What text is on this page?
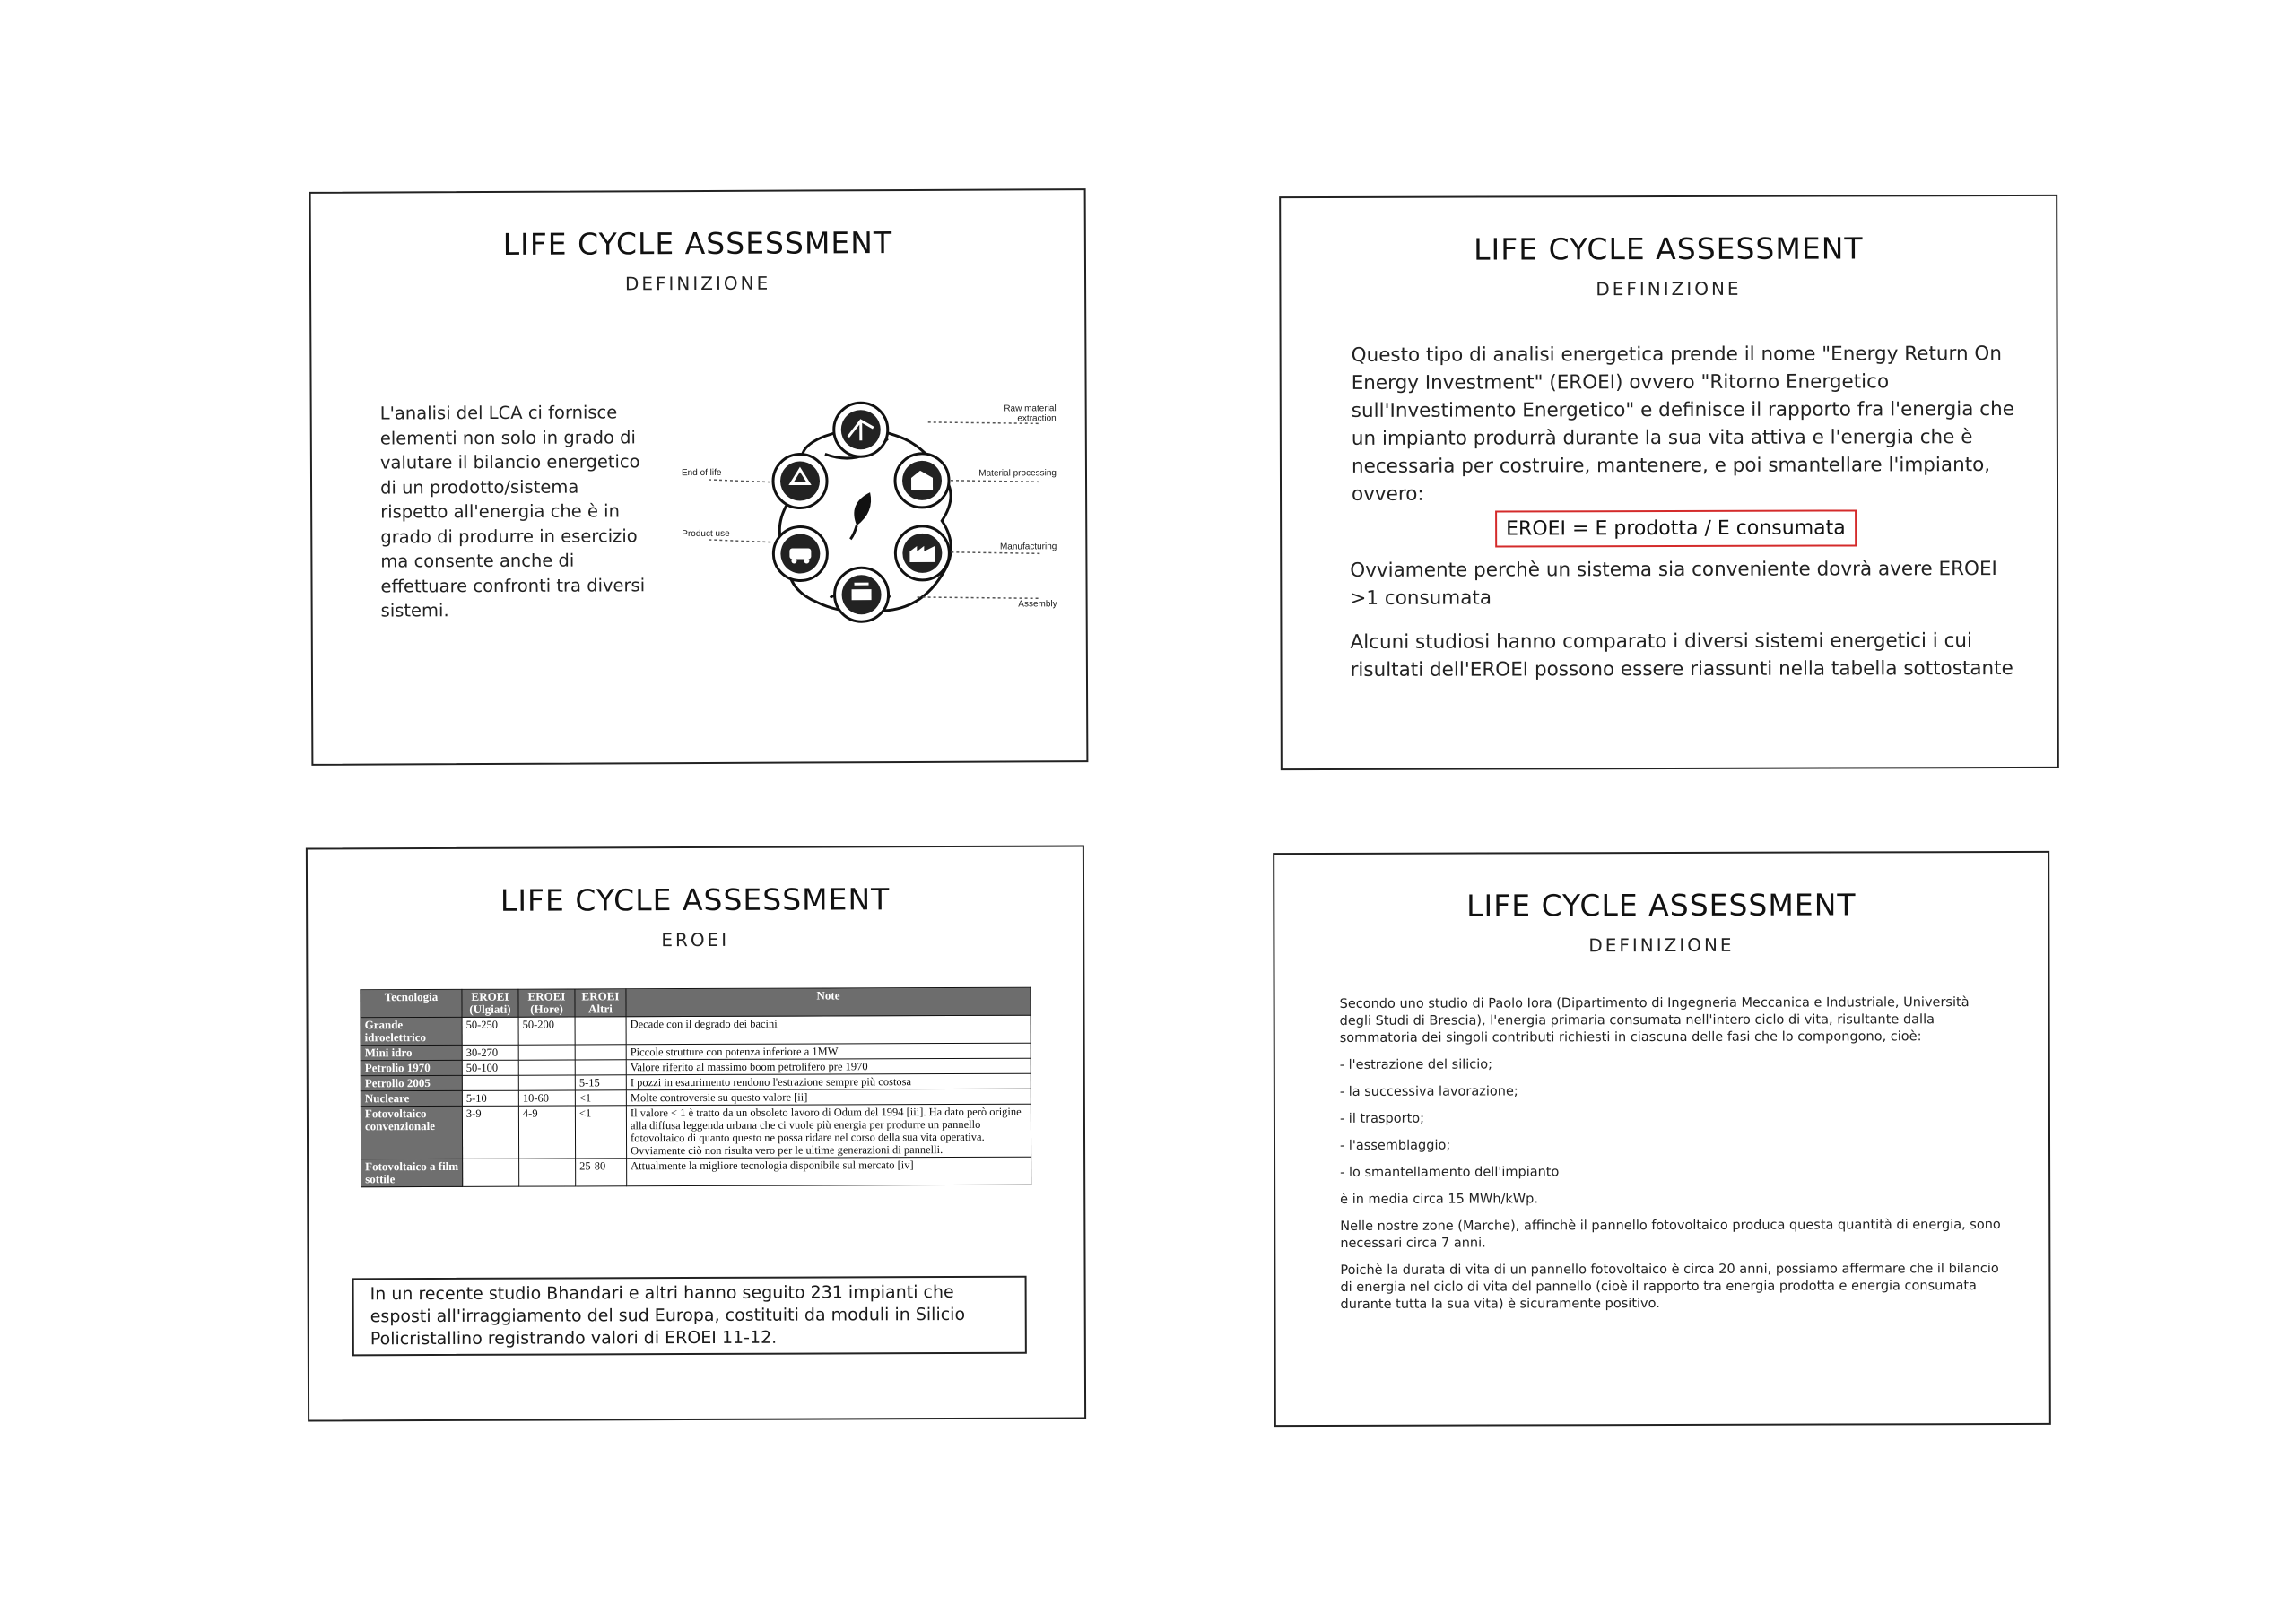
LIFE CYCLE ASSESSMENT
DEFINIZIONE
L'analisi del LCA ci fornisce elementi non solo in grado di valutare il bilancio energetico di un prodotto/sistema rispetto all'energia che è in grado di produrre in esercizio ma consente anche di effettuare confronti tra diversi sistemi.
Raw material extraction
Material processing
Manufacturing
Assembly
End of life
Product use
LIFE CYCLE ASSESSMENT
DEFINIZIONE
Questo tipo di analisi energetica prende il nome "Energy Return On Energy Investment" (EROEI) ovvero "Ritorno Energetico sull'Investimento Energetico" e definisce il rapporto fra l'energia che un impianto produrrà durante la sua vita attiva e l'energia che è necessaria per costruire, mantenere, e poi smantellare l'impianto, ovvero:
EROEI = E prodotta / E consumata
Ovviamente perchè un sistema sia conveniente dovrà avere EROEI >1 consumata
Alcuni studiosi hanno comparato i diversi sistemi energetici i cui risultati dell'EROEI possono essere riassunti nella tabella sottostante
LIFE CYCLE ASSESSMENT
EROEI
Tecnologia	EROEI (Ulgiati)	EROEI (Hore)	EROEI Altri	Note
Grande idroelettrico	50-250	50-200		Decade con il degrado dei bacini
Mini idro	30-270			Piccole strutture con potenza inferiore a 1MW
Petrolio 1970	50-100			Valore riferito al massimo boom petrolifero pre 1970
Petrolio 2005			5-15	I pozzi in esaurimento rendono l'estrazione sempre più costosa
Nucleare	5-10	10-60	<1	Molte controversie su questo valore [ii]
Fotovoltaico convenzionale	3-9	4-9	<1	Il valore < 1 è tratto da un obsoleto lavoro di Odum del 1994 [iii]. Ha dato però origine alla diffusa leggenda urbana che ci vuole più energia per produrre un pannello fotovoltaico di quanto questo ne possa ridare nel corso della sua vita operativa. Ovviamente ciò non risulta vero per le ultime generazioni di pannelli.
Fotovoltaico a film sottile			25-80	Attualmente la migliore tecnologia disponibile sul mercato [iv]
In un recente studio Bhandari e altri hanno seguito 231 impianti che esposti all'irraggiamento del sud Europa, costituiti da moduli in Silicio Policristallino registrando valori di EROEI 11-12.
LIFE CYCLE ASSESSMENT
DEFINIZIONE

Secondo uno studio di Paolo Iora (Dipartimento di Ingegneria Meccanica e Industriale, Università degli Studi di Brescia), l'energia primaria consumata nell'intero ciclo di vita, risultante dalla sommatoria dei singoli contributi richiesti in ciascuna delle fasi che lo compongono, cioè:

- l'estrazione del silicio;
- la successiva lavorazione;
- il trasporto;
- l'assemblaggio;
- lo smantellamento dell'impianto

è in media circa 15 MWh/kWp.

Nelle nostre zone (Marche), affinchè il pannello fotovoltaico produca questa quantità di energia, sono necessari circa 7 anni.

Poichè la durata di vita di un pannello fotovoltaico è circa 20 anni, possiamo affermare che il bilancio di energia nel ciclo di vita del pannello (cioè il rapporto tra energia prodotta e energia consumata durante tutta la sua vita) è sicuramente positivo.
